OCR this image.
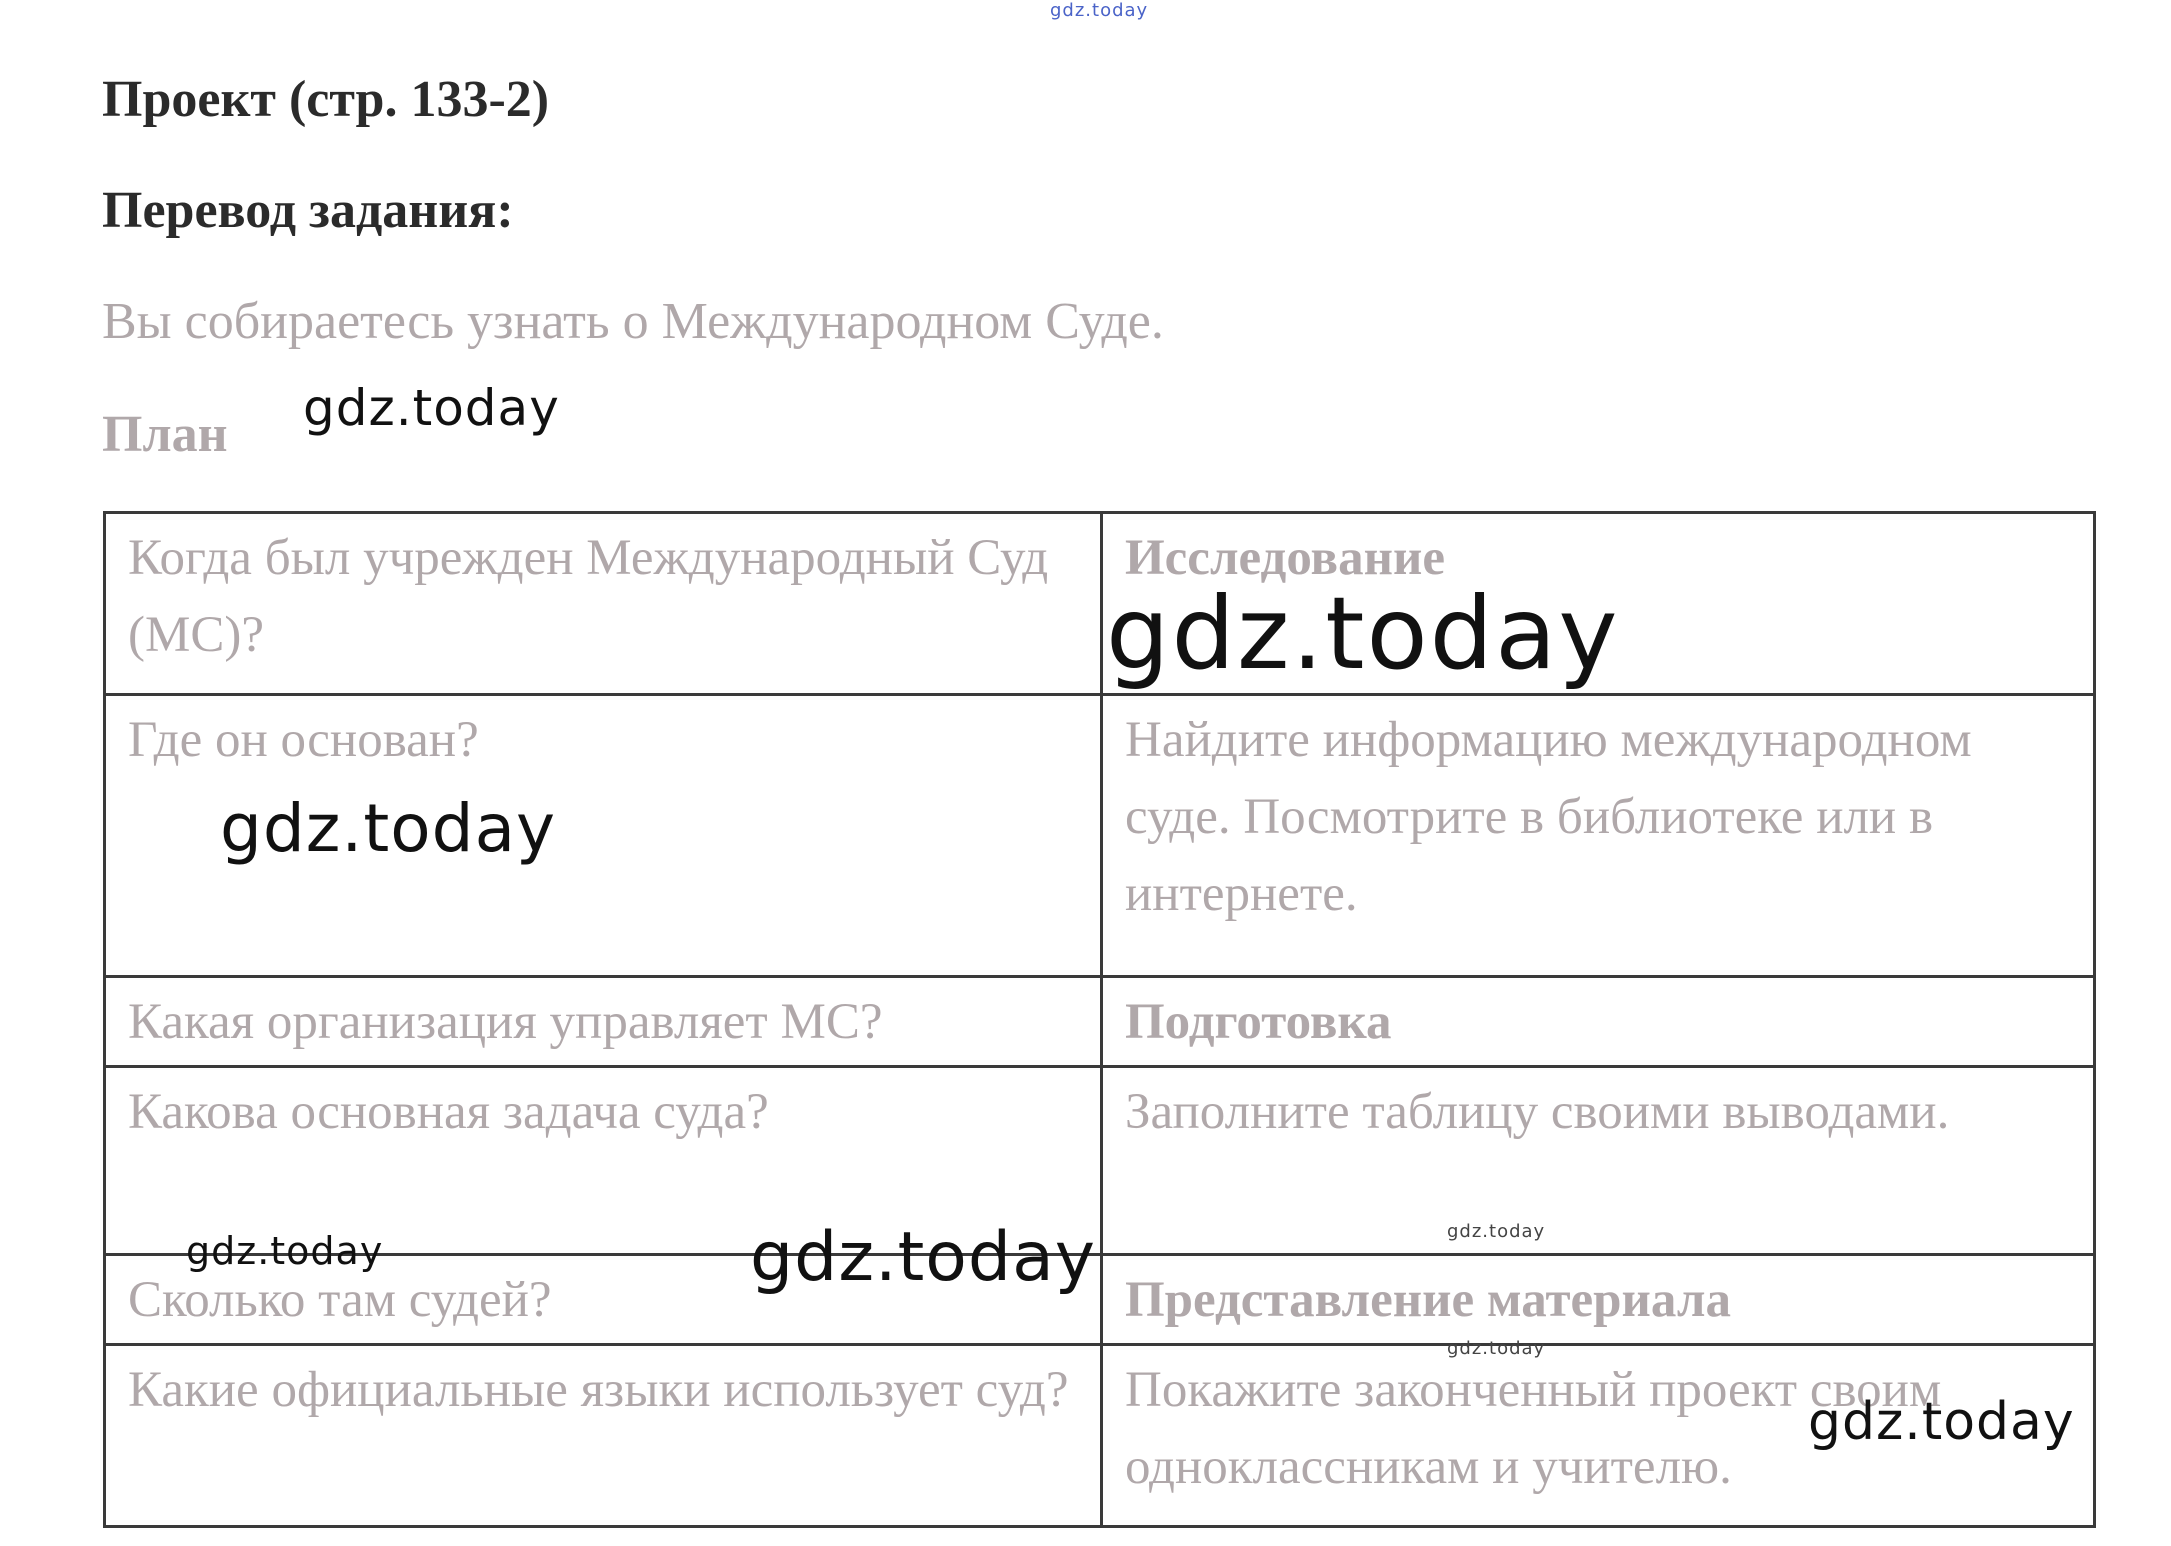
Проект (стр. 133-2)
Перевод задания:
Вы собираетесь узнать о Международном Суде.
План
Когда был учрежден Международный Суд (МС)?	Исследование
Где он основан?	Найдите информацию международном суде. Посмотрите в библиотеке или в интернете.
Какая организация управляет МС?	Подготовка
Какова основная задача суда?	Заполните таблицу своими выводами.
Сколько там судей?	Представление материала
Какие официальные языки использует суд?	Покажите законченный проект своим одноклассникам и учителю.
gdz.today
gdz.today
gdz.today
gdz.today
gdz.today	gdz.today	gdz.today
gdz.today
gdz.today
